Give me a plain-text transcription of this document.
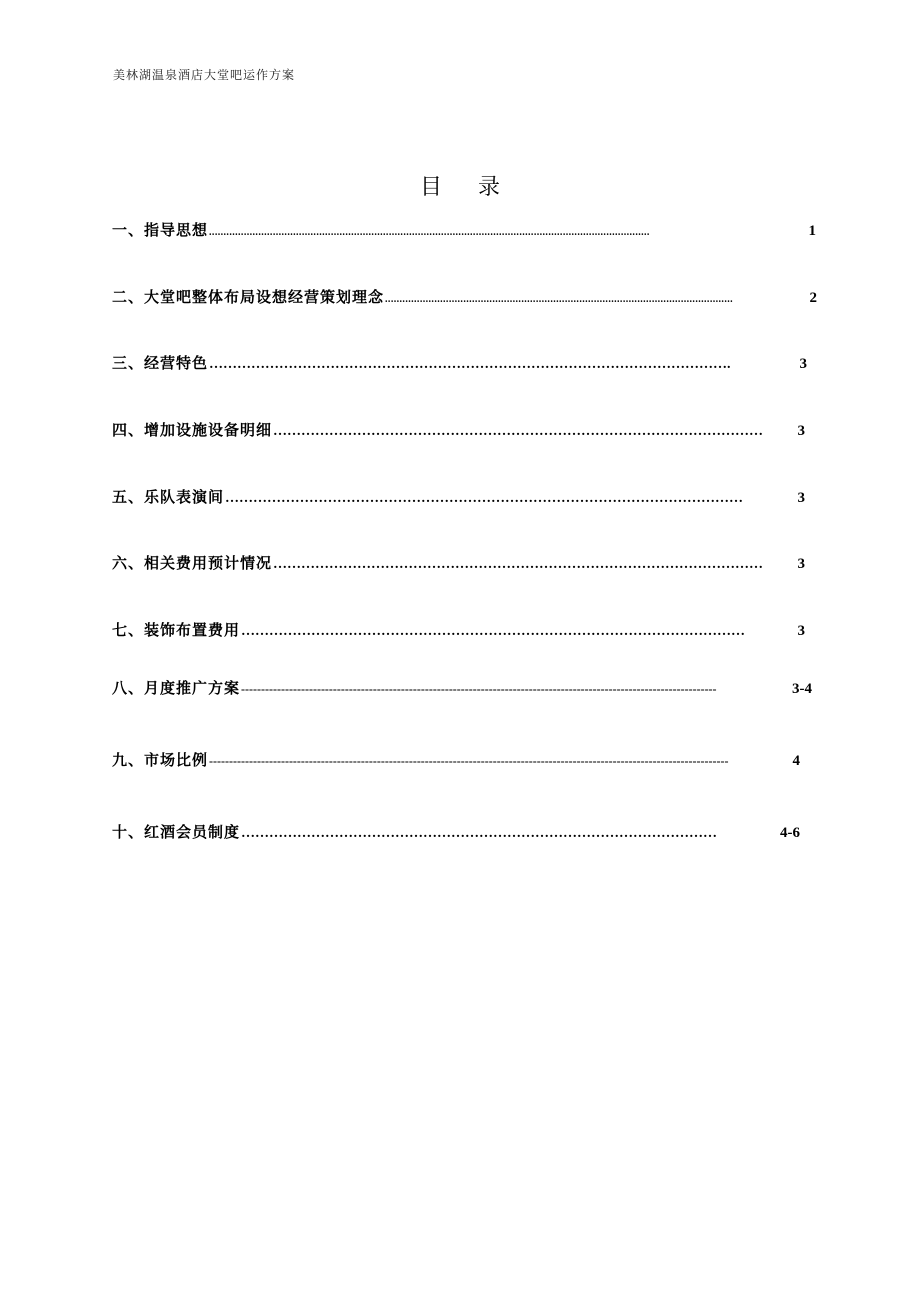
美林湖温泉酒店大堂吧运作方案
目 录
一、指导思想 ........................................................................................................................................................	1
二、大堂吧整体布局设想经营策划理念 ........................................................................................................................	2
三、经营特色 ………………………………………………………………………………………………….	3
四、增加设施设备明细 ……………………………………………………………………………………………	3
五、乐队表演间 …………………………………………………………………………………………………	3
六、相关费用预计情况 ……………………………………………………………………………………………	3
七、装饰布置费用 ………………………………………………………………………………………………	3
八、月度推广方案 -----------------------------------------------------------------------------------------------------------------------	3-4
九、市场比例 ----------------------------------------------------------------------------------------------------------------------------------	4
十、红酒会员制度 …………………………………………………………………………………………	4-6
